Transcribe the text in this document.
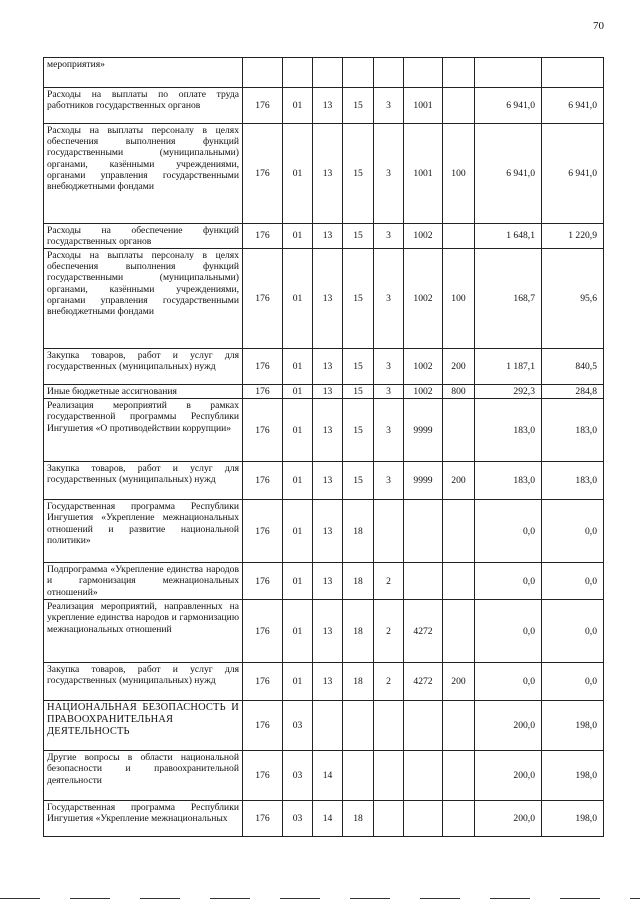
70
мероприятия»									
Расходы на выплаты по оплате труда работников государственных органов	176	01	13	15	3	1001		6 941,0	6 941,0
Расходы на выплаты персоналу в целях обеспечения выполнения функций государственными (муниципальными) органами, казёнными учреждениями, органами управления государственными внебюджетными фондами	176	01	13	15	3	1001	100	6 941,0	6 941,0
Расходы на обеспечение функций государственных органов	176	01	13	15	3	1002		1 648,1	1 220,9
Расходы на выплаты персоналу в целях обеспечения выполнения функций государственными (муниципальными) органами, казёнными учреждениями, органами управления государственными внебюджетными фондами	176	01	13	15	3	1002	100	168,7	95,6
Закупка товаров, работ и услуг для государственных (муниципальных) нужд	176	01	13	15	3	1002	200	1 187,1	840,5
Иные бюджетные ассигнования	176	01	13	15	3	1002	800	292,3	284,8
Реализация мероприятий в рамках государственной программы Республики Ингушетия «О противодействии коррупции»	176	01	13	15	3	9999		183,0	183,0
Закупка товаров, работ и услуг для государственных (муниципальных) нужд	176	01	13	15	3	9999	200	183,0	183,0
Государственная программа Республики Ингушетия «Укрепление межнациональных отношений и развитие национальной политики»	176	01	13	18				0,0	0,0
Подпрограмма «Укрепление единства народов и гармонизация межнациональных отношений»	176	01	13	18	2			0,0	0,0
Реализация мероприятий, направленных на укрепление единства народов и гармонизацию межнациональных отношений	176	01	13	18	2	4272		0,0	0,0
Закупка товаров, работ и услуг для государственных (муниципальных) нужд	176	01	13	18	2	4272	200	0,0	0,0
НАЦИОНАЛЬНАЯ БЕЗОПАСНОСТЬ И ПРАВООХРАНИТЕЛЬНАЯ ДЕЯТЕЛЬНОСТЬ	176	03						200,0	198,0
Другие вопросы в области национальной безопасности и правоохранительной деятельности	176	03	14					200,0	198,0
Государственная программа Республики Ингушетия «Укрепление межнациональных	176	03	14	18				200,0	198,0
